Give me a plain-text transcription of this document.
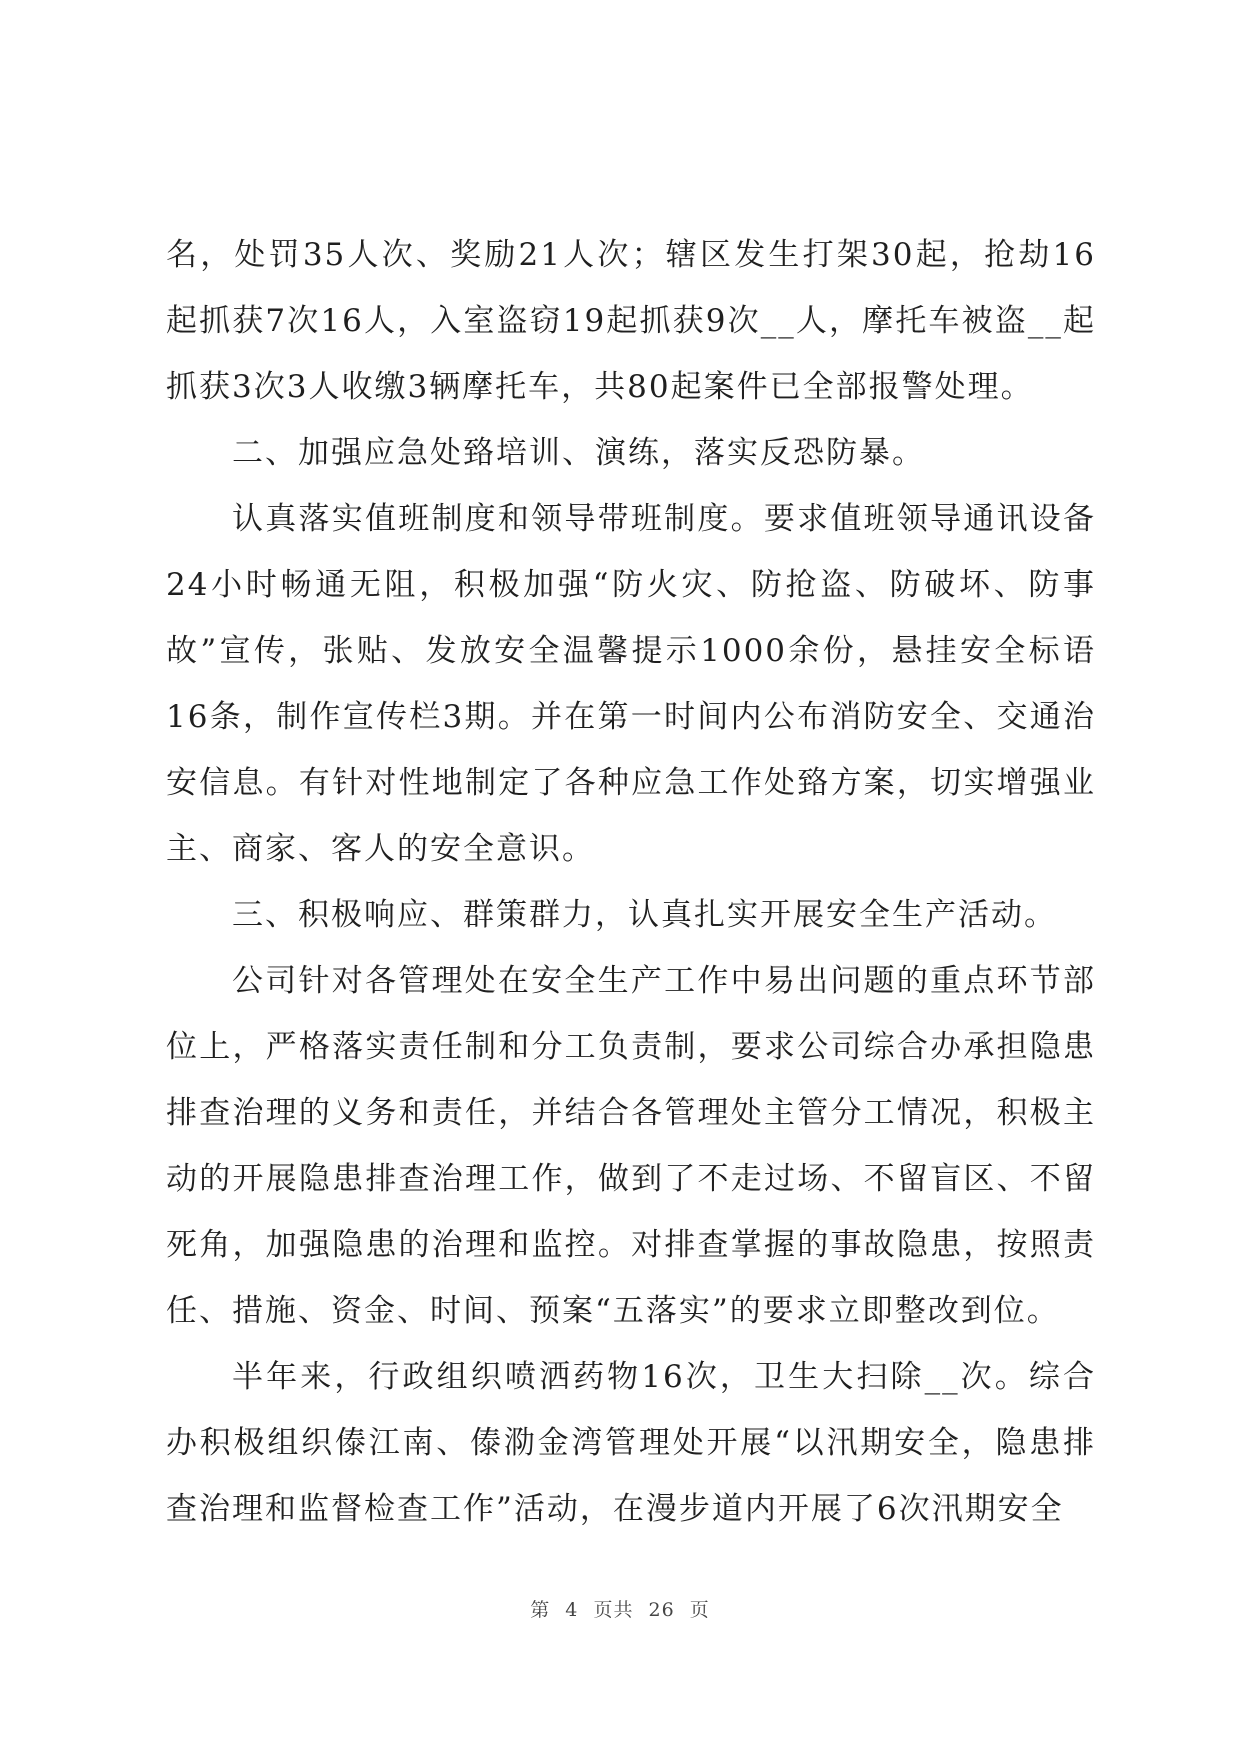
名，处罚35人次、奖励21人次；辖区发生打架30起，抢劫16起抓获7次16人，入室盗窃19起抓获9次__人，摩托车被盗__起抓获3次3人收缴3辆摩托车，共80起案件已全部报警处理。

二、加强应急处臵培训、演练，落实反恐防暴。

认真落实值班制度和领导带班制度。要求值班领导通讯设备24小时畅通无阻，积极加强“防火灾、防抢盗、防破坏、防事故”宣传，张贴、发放安全温馨提示1000余份，悬挂安全标语16条，制作宣传栏3期。并在第一时间内公布消防安全、交通治安信息。有针对性地制定了各种应急工作处臵方案，切实增强业主、商家、客人的安全意识。

三、积极响应、群策群力，认真扎实开展安全生产活动。

公司针对各管理处在安全生产工作中易出问题的重点环节部位上，严格落实责任制和分工负责制，要求公司综合办承担隐患排查治理的义务和责任，并结合各管理处主管分工情况，积极主动的开展隐患排查治理工作，做到了不走过场、不留盲区、不留死角，加强隐患的治理和监控。对排查掌握的事故隐患，按照责任、措施、资金、时间、预案“五落实”的要求立即整改到位。

半年来，行政组织喷洒药物16次，卫生大扫除__次。综合办积极组织傣江南、傣泐金湾管理处开展“以汛期安全，隐患排查治理和监督检查工作”活动，在漫步道内开展了6次汛期安全

第 4 页共 26 页
